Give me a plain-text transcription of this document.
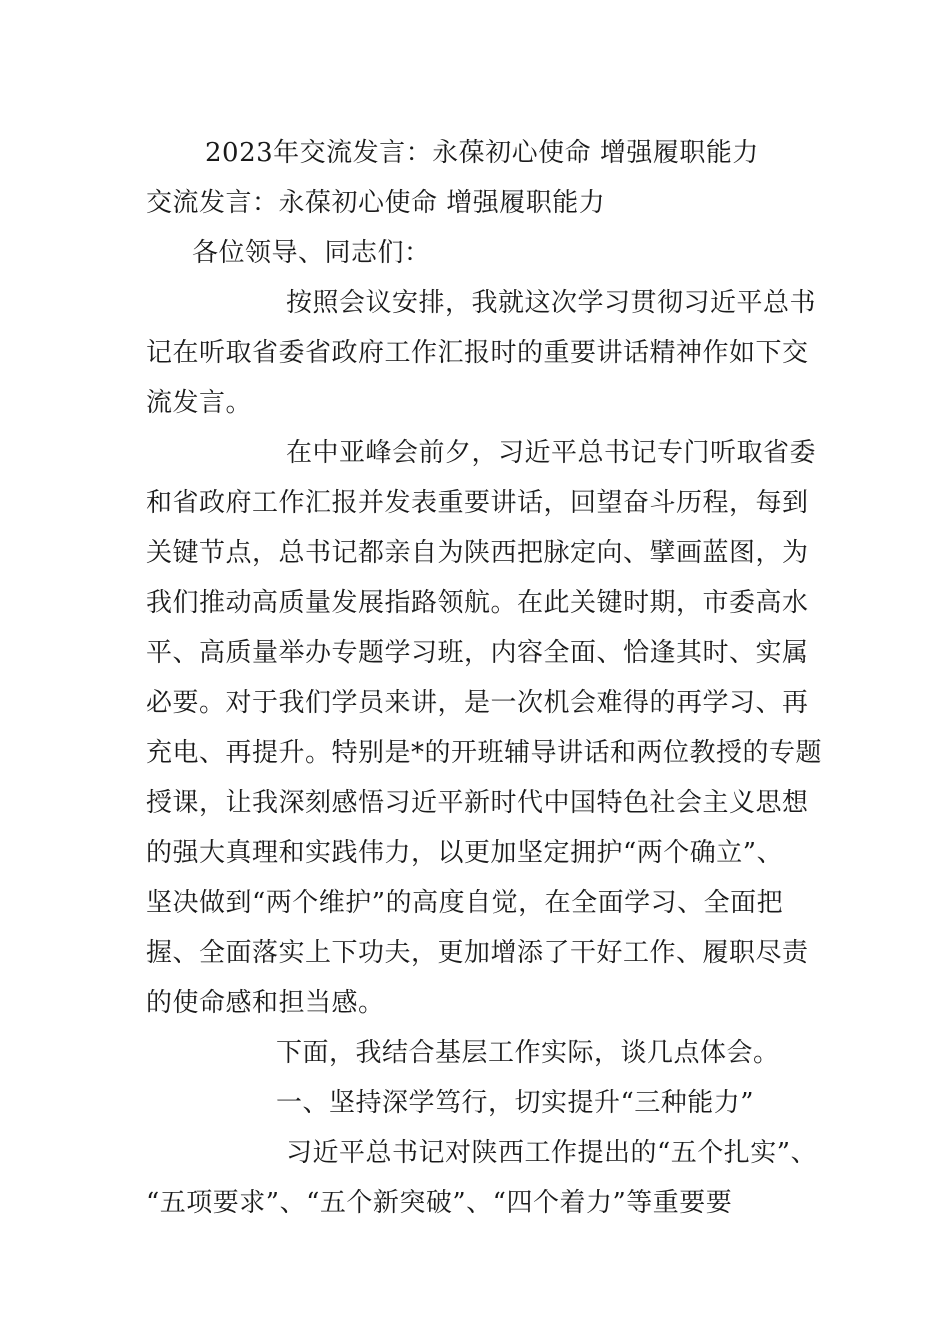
2023年交流发言：永葆初心使命 增强履职能力
交流发言：永葆初心使命 增强履职能力
各位领导、同志们：
按照会议安排，我就这次学习贯彻习近平总书
记在听取省委省政府工作汇报时的重要讲话精神作如下交
流发言。
在中亚峰会前夕，习近平总书记专门听取省委
和省政府工作汇报并发表重要讲话，回望奋斗历程，每到
关键节点，总书记都亲自为陕西把脉定向、擘画蓝图，为
我们推动高质量发展指路领航。在此关键时期，市委高水
平、高质量举办专题学习班，内容全面、恰逢其时、实属
必要。对于我们学员来讲，是一次机会难得的再学习、再
充电、再提升。特别是*的开班辅导讲话和两位教授的专题
授课，让我深刻感悟习近平新时代中国特色社会主义思想
的强大真理和实践伟力，以更加坚定拥护“两个确立”、
坚决做到“两个维护”的高度自觉，在全面学习、全面把
握、全面落实上下功夫，更加增添了干好工作、履职尽责
的使命感和担当感。
下面，我结合基层工作实际，谈几点体会。
一、坚持深学笃行，切实提升“三种能力”
习近平总书记对陕西工作提出的“五个扎实”、
“五项要求”、“五个新突破”、“四个着力”等重要要
